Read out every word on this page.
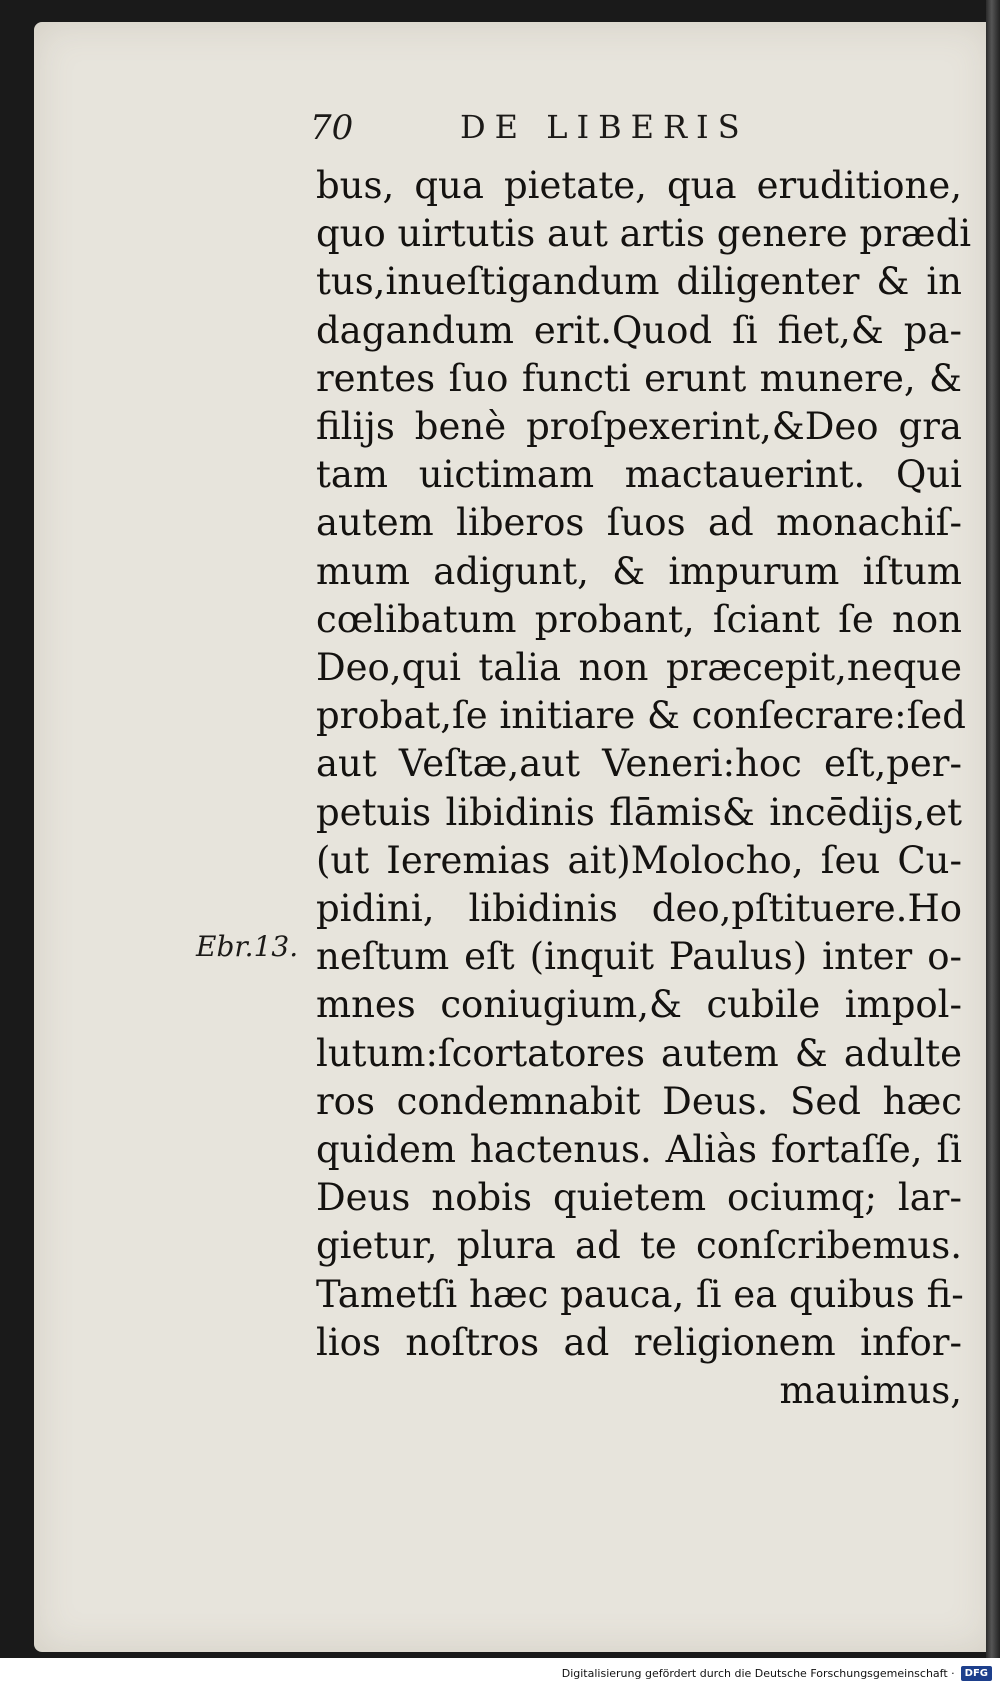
70	DE LIBERIS
Ebr.13.
bus, qua pietate, qua eruditione,
quo uirtutis aut artis genere prædi
tus,inueſtigandum diligenter & in
dagandum erit.Quod ſi fiet,& pa-
rentes ſuo functi erunt munere, &
filijs benè proſpexerint,&Deo gra
tam uictimam mactauerint. Qui
autem liberos ſuos ad monachiſ-
mum adigunt, & impurum iſtum
cœlibatum probant, ſciant ſe non
Deo,qui talia non præcepit,neque
probat,ſe initiare & conſecrare:ſed
aut Veſtæ,aut Veneri:hoc eſt,per-
petuis libidinis flāmis& incēdijs,et
(ut Ieremias ait)Molocho, ſeu Cu-
pidini, libidinis deo,pſtituere.Ho
neſtum eſt (inquit Paulus) inter o-
mnes coniugium,& cubile impol-
lutum:ſcortatores autem & adulte
ros condemnabit Deus. Sed hæc
quidem hactenus. Aliàs fortaſſe, ſi
Deus nobis quietem ociumq; lar-
gietur, plura ad te conſcribemus.
Tametſi hæc pauca, ſi ea quibus fi-
lios noſtros ad religionem infor-
mauimus,
Digitalisierung gefördert durch die Deutsche Forschungsgemeinschaft ·	DFG
